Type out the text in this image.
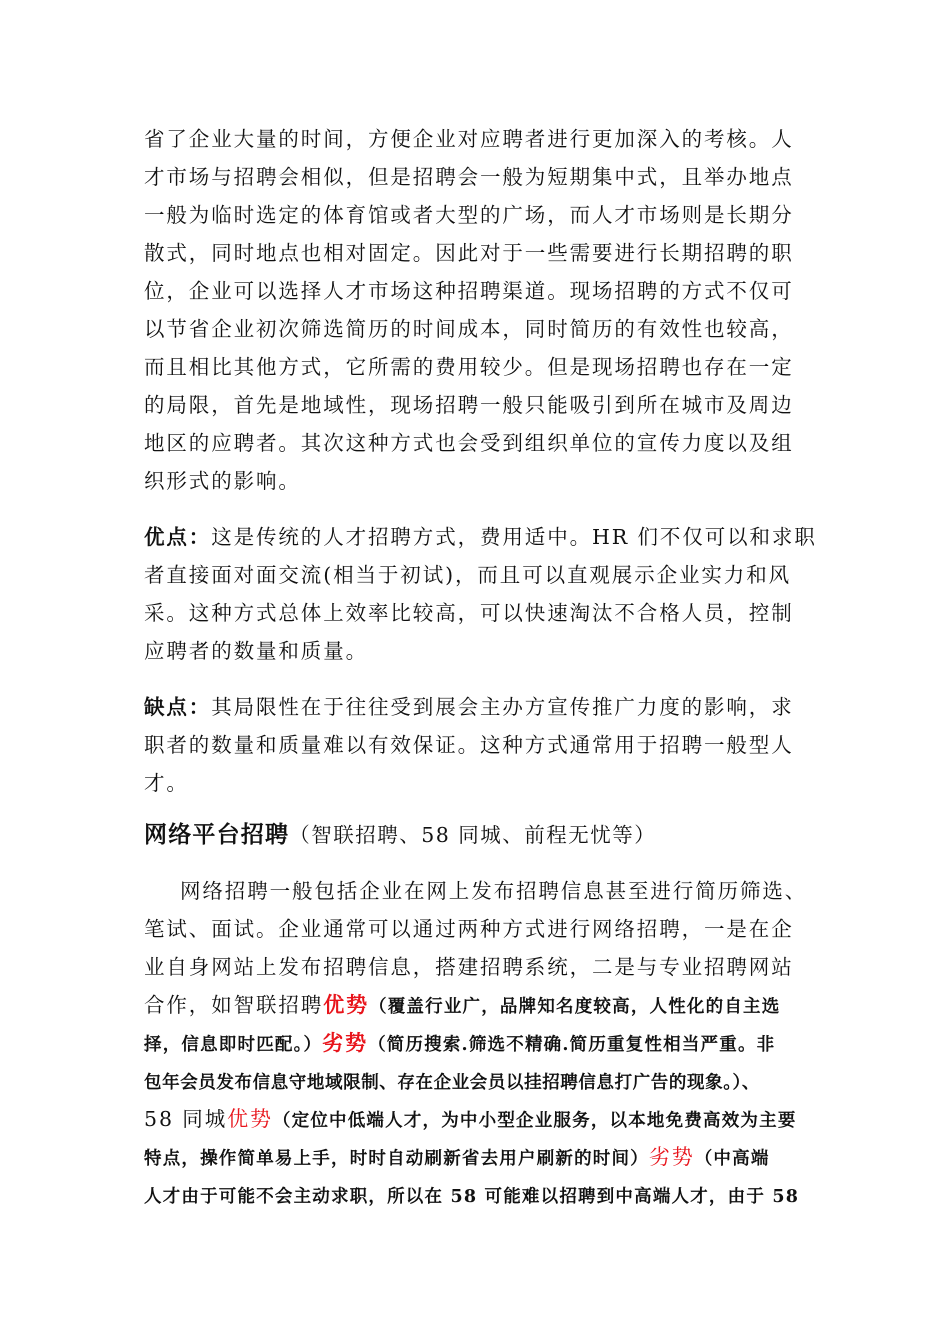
省了企业大量的时间，方便企业对应聘者进行更加深入的考核。人
才市场与招聘会相似，但是招聘会一般为短期集中式，且举办地点
一般为临时选定的体育馆或者大型的广场，而人才市场则是长期分
散式，同时地点也相对固定。因此对于一些需要进行长期招聘的职
位，企业可以选择人才市场这种招聘渠道。现场招聘的方式不仅可
以节省企业初次筛选简历的时间成本，同时简历的有效性也较高，
而且相比其他方式，它所需的费用较少。但是现场招聘也存在一定
的局限，首先是地域性，现场招聘一般只能吸引到所在城市及周边
地区的应聘者。其次这种方式也会受到组织单位的宣传力度以及组
织形式的影响。
优点：这是传统的人才招聘方式，费用适中。HR 们不仅可以和求职
者直接面对面交流(相当于初试)，而且可以直观展示企业实力和风
采。这种方式总体上效率比较高，可以快速淘汰不合格人员，控制
应聘者的数量和质量。
缺点：其局限性在于往往受到展会主办方宣传推广力度的影响，求
职者的数量和质量难以有效保证。这种方式通常用于招聘一般型人
才。
网络平台招聘（智联招聘、58 同城、前程无忧等）
网络招聘一般包括企业在网上发布招聘信息甚至进行简历筛选、
笔试、面试。企业通常可以通过两种方式进行网络招聘，一是在企
业自身网站上发布招聘信息，搭建招聘系统，二是与专业招聘网站
合作，如智联招聘优势（覆盖行业广，品牌知名度较高，人性化的自主选
择，信息即时匹配。）劣势（简历搜索.筛选不精确.简历重复性相当严重。非
包年会员发布信息守地域限制、存在企业会员以挂招聘信息打广告的现象。）、
58 同城优势（定位中低端人才，为中小型企业服务，以本地免费高效为主要
特点，操作简单易上手，时时自动刷新省去用户刷新的时间）劣势（中高端
人才由于可能不会主动求职，所以在 58 可能难以招聘到中高端人才，由于 58
